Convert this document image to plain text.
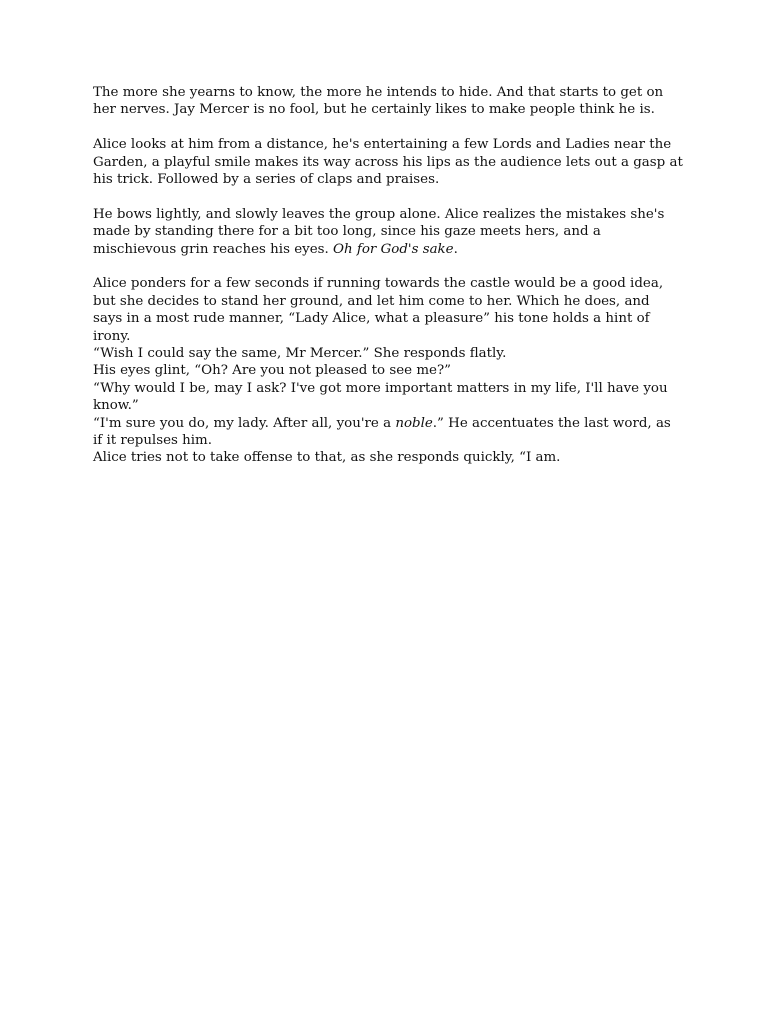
The more she yearns to know, the more he intends to hide. And that starts to get on her nerves. Jay Mercer is no fool, but he certainly likes to make people think he is.

Alice looks at him from a distance, he's entertaining a few Lords and Ladies near the Garden, a playful smile makes its way across his lips as the audience lets out a gasp at his trick. Followed by a series of claps and praises.

He bows lightly, and slowly leaves the group alone. Alice realizes the mistakes she's made by standing there for a bit too long, since his gaze meets hers, and a mischievous grin reaches his eyes. Oh for God's sake.

Alice ponders for a few seconds if running towards the castle would be a good idea, but she decides to stand her ground, and let him come to her. Which he does, and says in a most rude manner, “Lady Alice, what a pleasure” his tone holds a hint of irony.

“Wish I could say the same, Mr Mercer.” She responds flatly.

His eyes glint, “Oh? Are you not pleased to see me?”

“Why would I be, may I ask? I've got more important matters in my life, I'll have you know.”

“I'm sure you do, my lady. After all, you're a noble.” He accentuates the last word, as if it repulses him.

Alice tries not to take offense to that, as she responds quickly, “I am.
